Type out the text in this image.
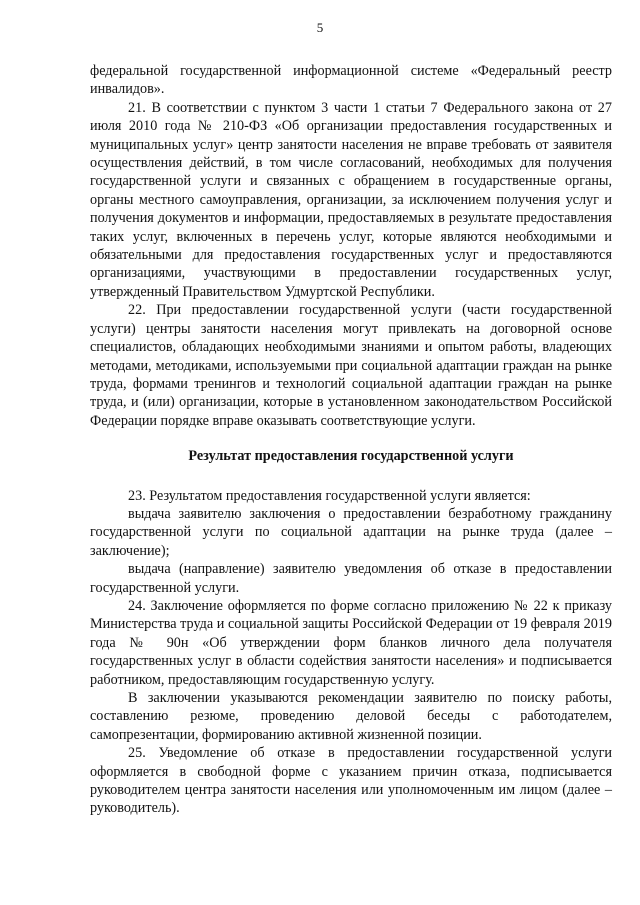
5

федеральной государственной информационной системе «Федеральный реестр инвалидов».

21. В соответствии с пунктом 3 части 1 статьи 7 Федерального закона от 27 июля 2010 года № 210-ФЗ «Об организации предоставления государственных и муниципальных услуг» центр занятости населения не вправе требовать от заявителя осуществления действий, в том числе согласований, необходимых для получения государственной услуги и связанных с обращением в государственные органы, органы местного самоуправления, организации, за исключением получения услуг и получения документов и информации, предоставляемых в результате предоставления таких услуг, включенных в перечень услуг, которые являются необходимыми и обязательными для предоставления государственных услуг и предоставляются организациями, участвующими в предоставлении государственных услуг, утвержденный Правительством Удмуртской Республики.

22. При предоставлении государственной услуги (части государственной услуги) центры занятости населения могут привлекать на договорной основе специалистов, обладающих необходимыми знаниями и опытом работы, владеющих методами, методиками, используемыми при социальной адаптации граждан на рынке труда, формами тренингов и технологий социальной адаптации граждан на рынке труда, и (или) организации, которые в установленном законодательством Российской Федерации порядке вправе оказывать соответствующие услуги.

Результат предоставления государственной услуги

23. Результатом предоставления государственной услуги является:

выдача заявителю заключения о предоставлении безработному гражданину государственной услуги по социальной адаптации на рынке труда (далее – заключение);

выдача (направление) заявителю уведомления об отказе в предоставлении государственной услуги.

24. Заключение оформляется по форме согласно приложению № 22 к приказу Министерства труда и социальной защиты Российской Федерации от 19 февраля 2019 года № 90н «Об утверждении форм бланков личного дела получателя государственных услуг в области содействия занятости населения» и подписывается работником, предоставляющим государственную услугу.

В заключении указываются рекомендации заявителю по поиску работы, составлению резюме, проведению деловой беседы с работодателем, самопрезентации, формированию активной жизненной позиции.

25. Уведомление об отказе в предоставлении государственной услуги оформляется в свободной форме с указанием причин отказа, подписывается руководителем центра занятости населения или уполномоченным им лицом (далее – руководитель).
